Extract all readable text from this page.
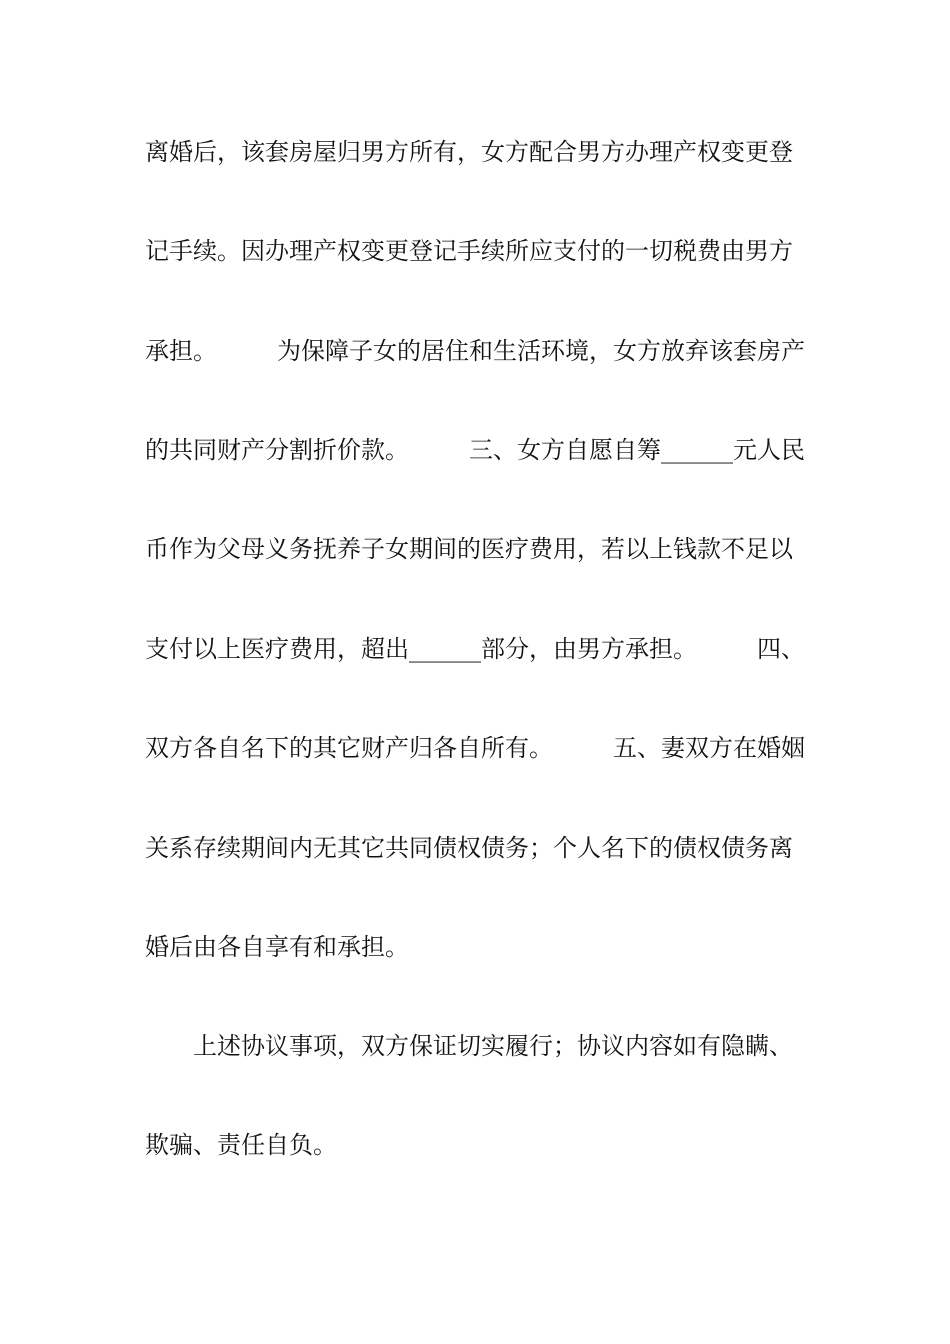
离婚后，该套房屋归男方所有，女方配合男方办理产权变更登
记手续。因办理产权变更登记手续所应支付的一切税费由男方
承担。　　　为保障子女的居住和生活环境，女方放弃该套房产
的共同财产分割折价款。　　　三、女方自愿自筹______元人民
币作为父母义务抚养子女期间的医疗费用，若以上钱款不足以
支付以上医疗费用，超出______部分，由男方承担。　　　四、
双方各自名下的其它财产归各自所有。　　　五、妻双方在婚姻
关系存续期间内无其它共同债权债务；个人名下的债权债务离
婚后由各自享有和承担。
　　上述协议事项，双方保证切实履行；协议内容如有隐瞒、
欺骗、责任自负。
